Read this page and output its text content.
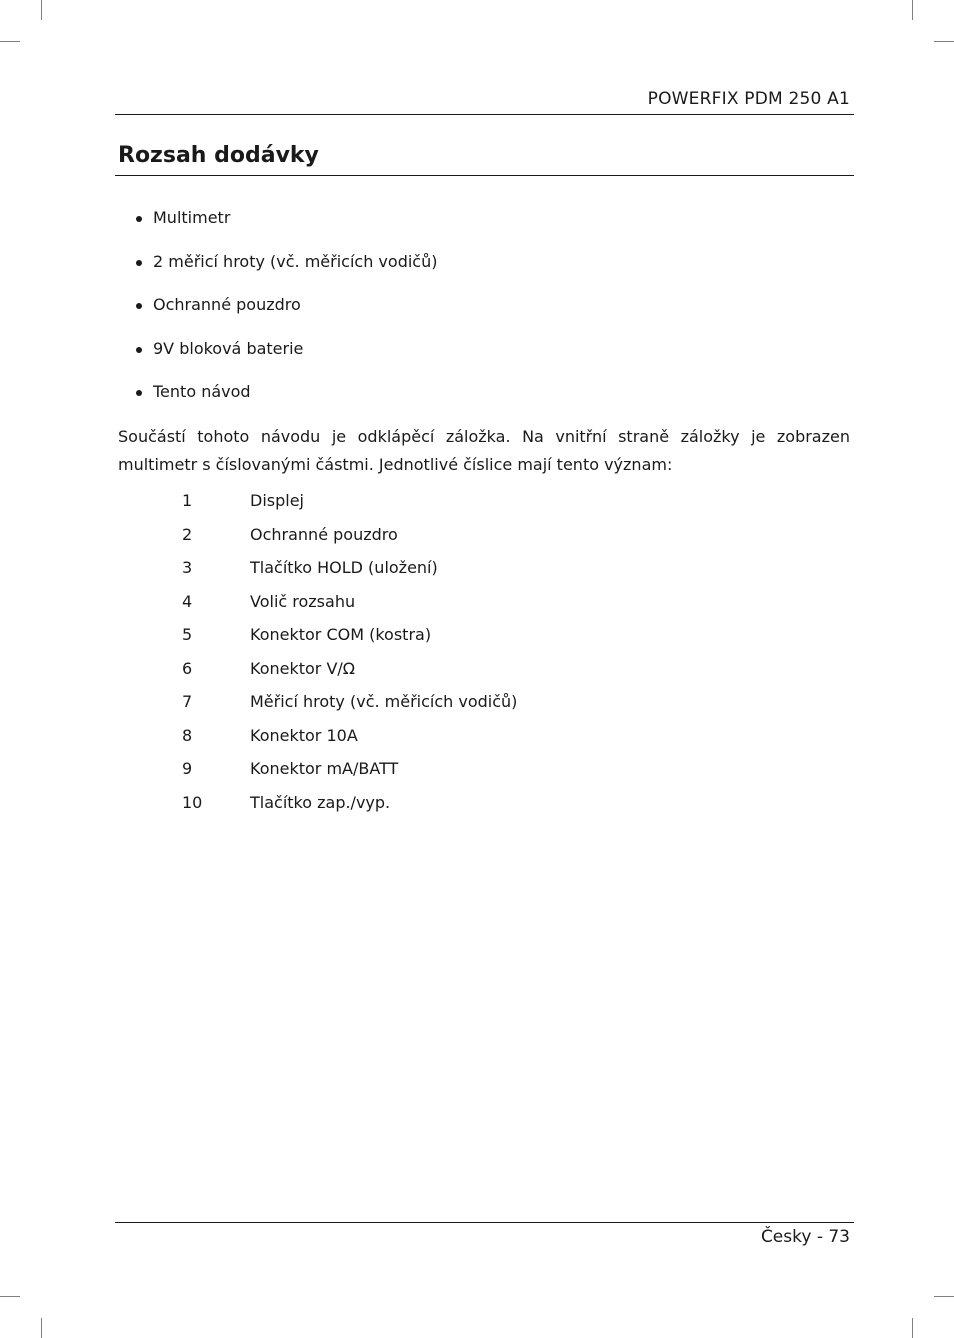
POWERFIX PDM 250 A1
Rozsah dodávky
Multimetr
2 měřicí hroty (vč. měřicích vodičů)
Ochranné pouzdro
9V bloková baterie
Tento návod

Součástí tohoto návodu je odklápěcí záložka. Na vnitřní straně záložky je zobrazen multimetr s číslovanými částmi. Jednotlivé číslice mají tento význam:

1	Displej
2	Ochranné pouzdro
3	Tlačítko HOLD (uložení)
4	Volič rozsahu
5	Konektor COM (kostra)
6	Konektor V/Ω
7	Měřicí hroty (vč. měřicích vodičů)
8	Konektor 10A
9	Konektor mA/BATT
10	Tlačítko zap./vyp.
Česky - 73
